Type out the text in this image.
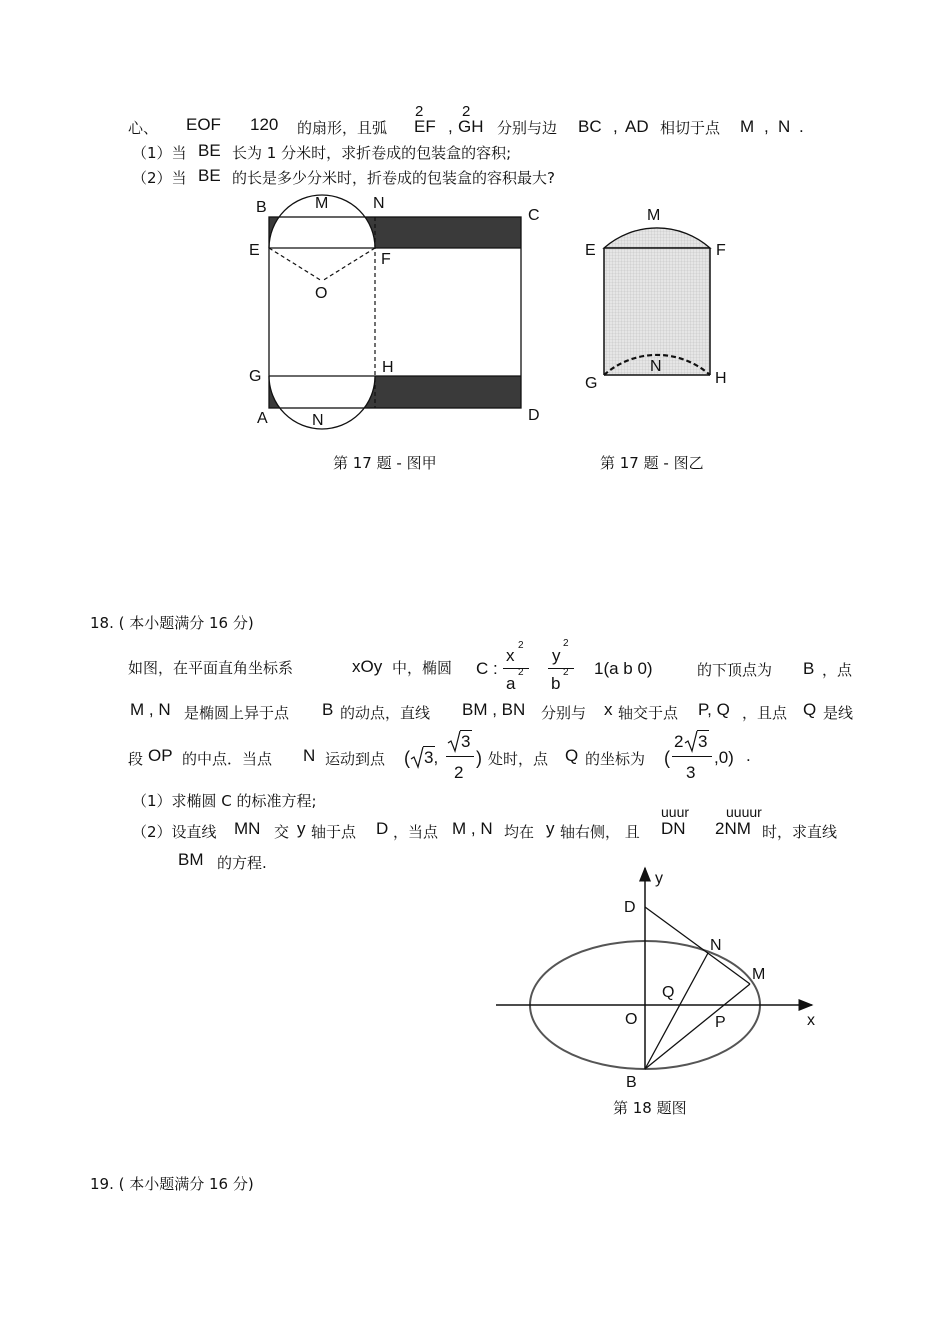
心、 EOF 120 的扇形，且弧
2
EF ,
2
GH 分别与边 BC , AD 相切于点 M , N .
（1）当 BE 长为 1 分米时，求折卷成的包装盒的容积;
（2）当 BE 的长是多少分米时，折卷成的包装盒的容积最大?
B	M	N
C
E
F
O
G
H
A	N	D
第 17 题 - 图甲
M
E	F
N
G	H
第 17 题 - 图乙
18. ( 本小题满分 16 分)
如图，在平面直角坐标系	xOy 中，椭圆 C :
x
2
a
2
y
2
b
2 1(a b 0)	的下顶点为 B ，点
M , N 是椭圆上异于点 B 的动点，直线 BM , BN 分别与 x 轴交于点 P, Q ，且点 Q 是线
段 OP 的中点．当点 N 运动到点 ( 3,
3
2
) 处时，点 Q 的坐标为 (
2 3
3
,0) .
（1）求椭圆 C 的标准方程;
（2）设直线 MN 交 y 轴于点 D ，当点 M , N 均在 y 轴右侧， 且
uuur
DN
uuuur
2NM 时，求直线
BM 的方程.
y
D
N
M
Q
O	P	x
B
第 18 题图
19. ( 本小题满分 16 分)
